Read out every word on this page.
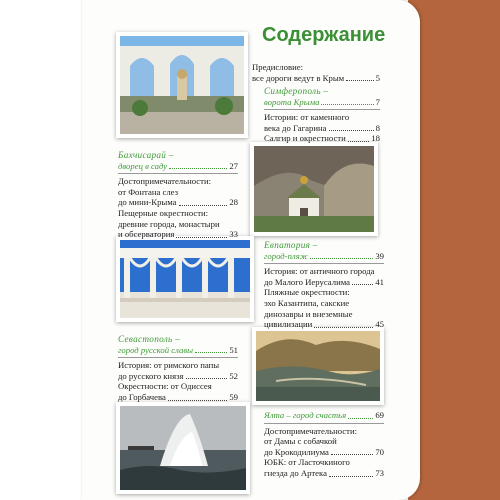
Содержание
Предисловие:
все дороги ведут в Крым	5
Симферополь –
ворота Крыма	7
Истории: от каменного
века до Гагарина	8
Салгир и окрестности	18
Бахчисарай –
дворец в саду	27
Достопримечательности:
от Фонтана слез
до мини-Крыма	28
Пещерные окрестности:
древние города, монастыри
и обсерватория	33
Евпатория –
город-пляж	39
История: от античного города
до Малого Иерусалима	41
Пляжные окрестности:
эхо Казантипа, сакские
динозавры и внеземные
цивилизации	45
Севастополь –
город русской славы	51
История: от римского папы
до русского князя	52
Окрестности: от Одиссея
до Горбачева	59
Ялта – город счастья	69
Достопримечательности:
от Дамы с собачкой
до Крокодилиума	70
ЮБК: от Ласточкиного
гнезда до Артека	73
